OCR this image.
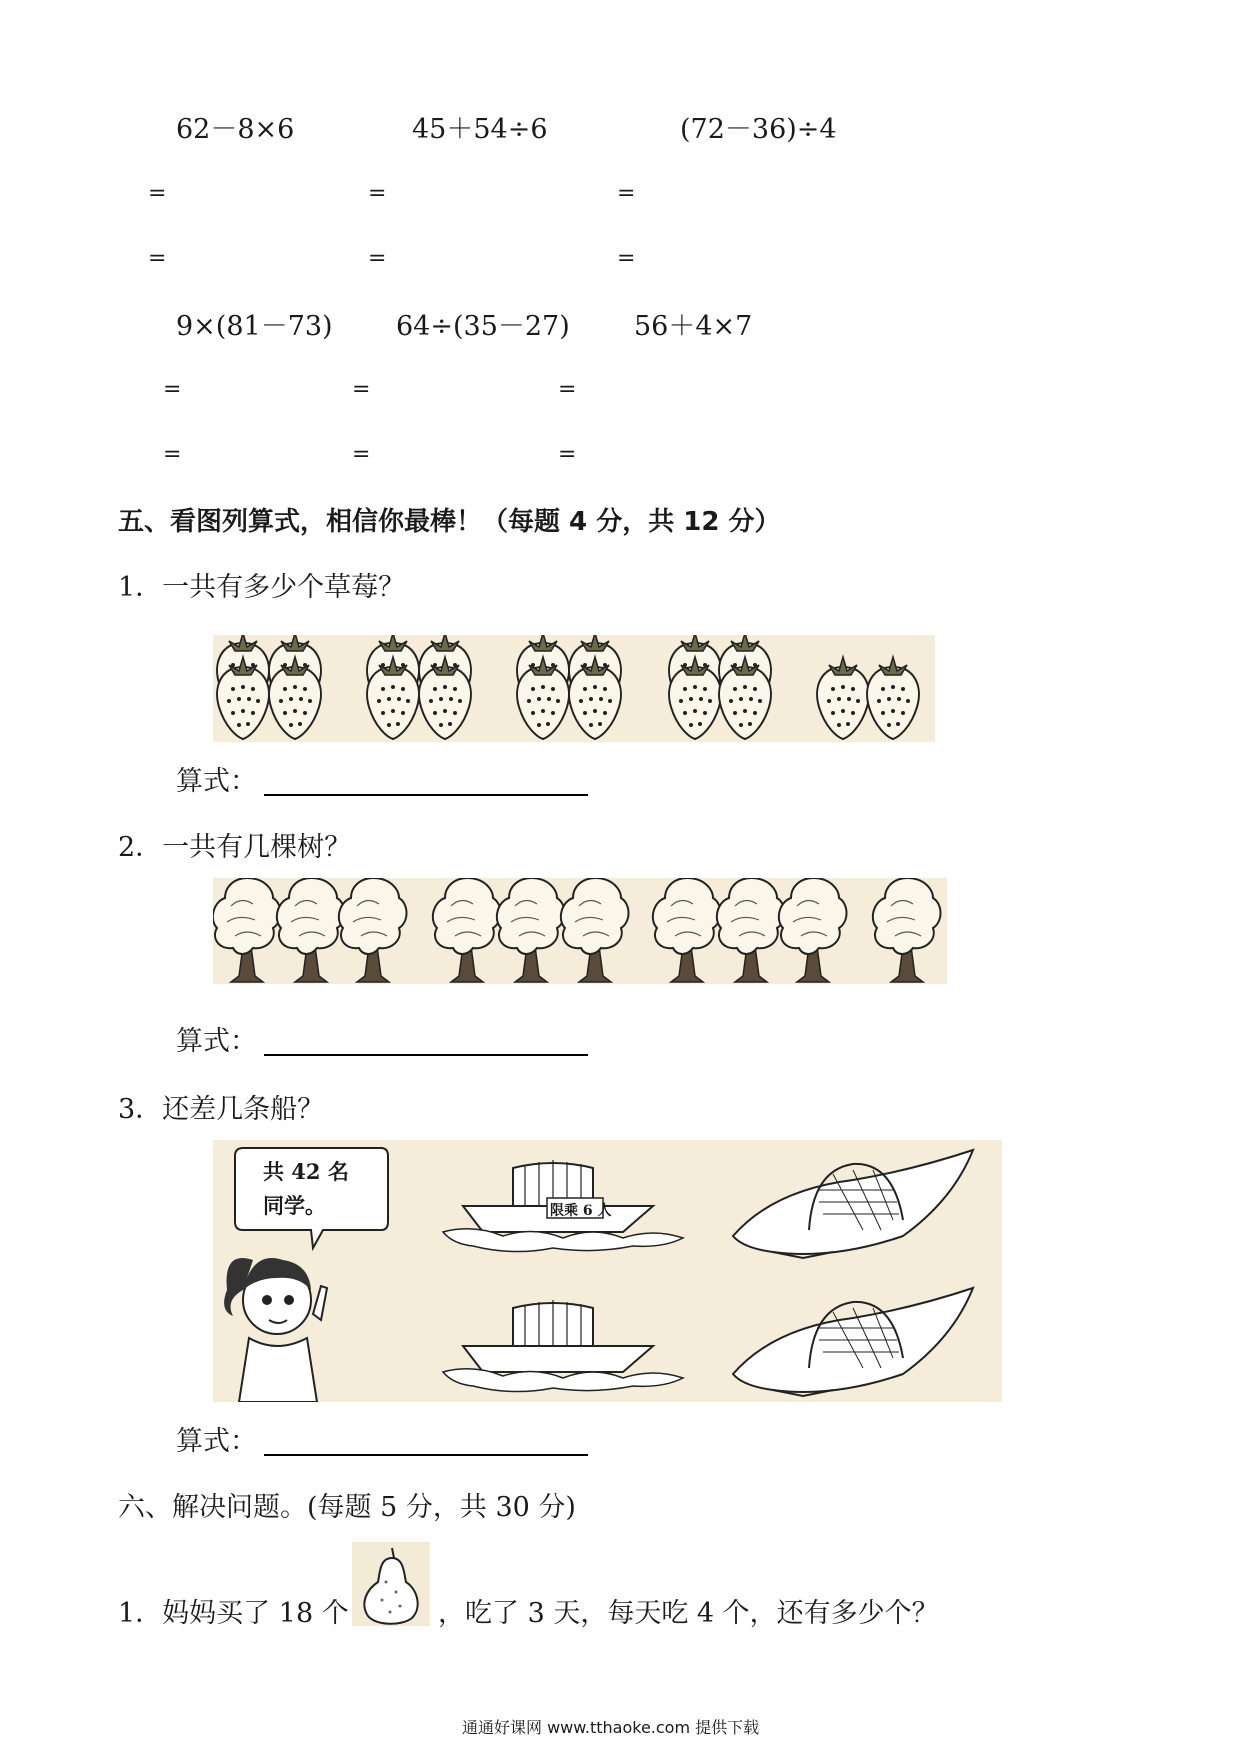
62－8×6	45＋54÷6	(72－36)÷4
=	=	=
=	=	=
9×(81－73) 64÷(35－27) 56＋4×7
=	=	=
=	=	=
五、看图列算式，相信你最棒！（每题 4 分，共 12 分）
1．一共有多少个草莓？
算式：
2．一共有几棵树？
算式：
3．还差几条船？
共 42 名
同学。	限乘 6 人
算式：
六、解决问题。(每题 5 分，共 30 分)
1．妈妈买了 18 个	，吃了 3 天，每天吃 4 个，还有多少个？
通通好课网 www.tthaoke.com 提供下载
